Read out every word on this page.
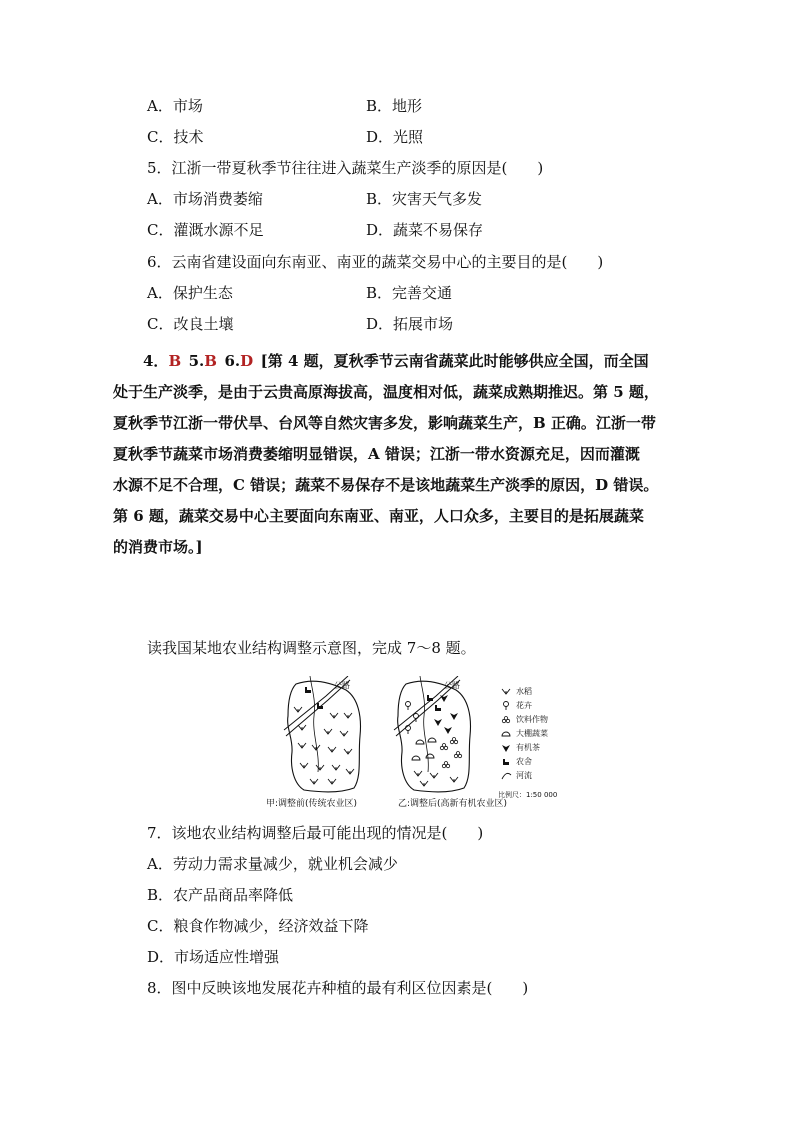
A．市场	B．地形
C．技术	D．光照
5．江浙一带夏秋季节往往进入蔬菜生产淡季的原因是(　　)
A．市场消费萎缩	B．灾害天气多发
C．灌溉水源不足	D．蔬菜不易保存
6．云南省建设面向东南亚、南亚的蔬菜交易中心的主要目的是(　　)
A．保护生态	B．完善交通
C．改良土壤	D．拓展市场

  4．B  5.B  6.D  [第 4 题，夏秋季节云南省蔬菜此时能够供应全国，而全国

处于生产淡季，是由于云贵高原海拔高，温度相对低，蔬菜成熟期推迟。第 5 题，

夏秋季节江浙一带伏旱、台风等自然灾害多发，影响蔬菜生产，B 正确。江浙一带

夏秋季节蔬菜市场消费萎缩明显错误，A 错误；江浙一带水资源充足，因而灌溉

水源不足不合理，C 错误；蔬菜不易保存不是该地蔬菜生产淡季的原因，D 错误。

第 6 题，蔬菜交易中心主要面向东南亚、南亚，人口众多，主要目的是拓展蔬菜

的消费市场。]

读我国某地农业结构调整示意图，完成 7～8 题。
公路
甲:调整前(传统农业区)
公路
乙:调整后(高新有机农业区)
水稻
花卉
饮料作物
大棚蔬菜
有机茶
农舍
河流
比例尺：1:50 000
7．该地农业结构调整后最可能出现的情况是(　　)
A．劳动力需求量减少，就业机会减少
B．农产品商品率降低
C．粮食作物减少，经济效益下降
D．市场适应性增强
8．图中反映该地发展花卉种植的最有利区位因素是(　　)
